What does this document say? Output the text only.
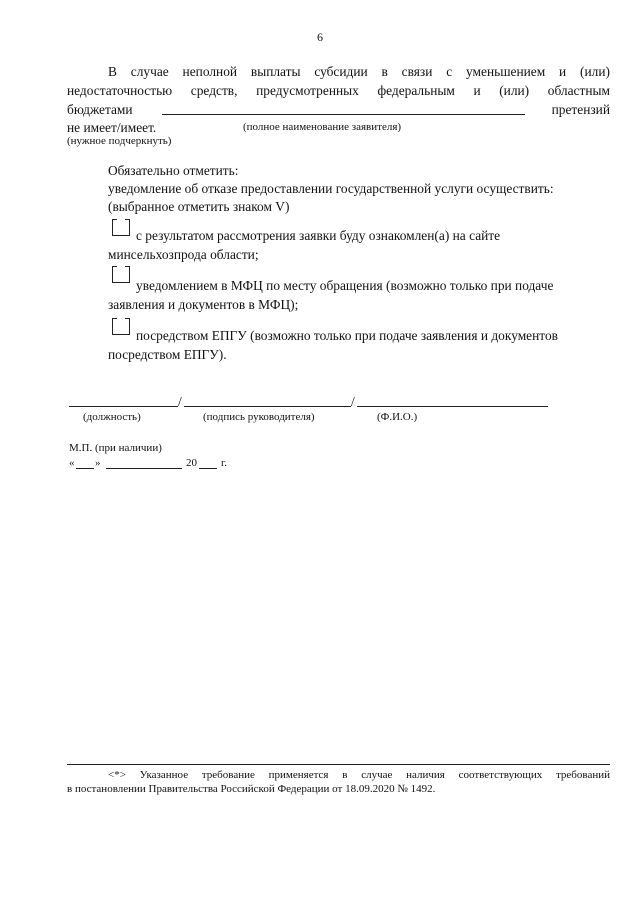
6
В случае неполной выплаты субсидии в связи с уменьшением и (или)
недостаточностью средств, предусмотренных федеральным и (или) областным
бюджетами	претензий
не имеет/имеет.	(полное наименование заявителя)
(нужное подчеркнуть)
Обязательно отметить:
уведомление об отказе предоставлении государственной услуги осуществить:
(выбранное отметить знаком V)
с результатом рассмотрения заявки буду ознакомлен(а) на сайте
минсельхозпрода области;
уведомлением в МФЦ по месту обращения (возможно только при подаче
заявления и документов в МФЦ);
посредством ЕПГУ (возможно только при подаче заявления и документов
посредством ЕПГУ).
/	/
(должность)	(подпись руководителя)	(Ф.И.О.)
М.П. (при наличии)
« »	20 г.
<*> Указанное требование применяется в случае наличия соответствующих требований
в постановлении Правительства Российской Федерации от 18.09.2020 № 1492.
